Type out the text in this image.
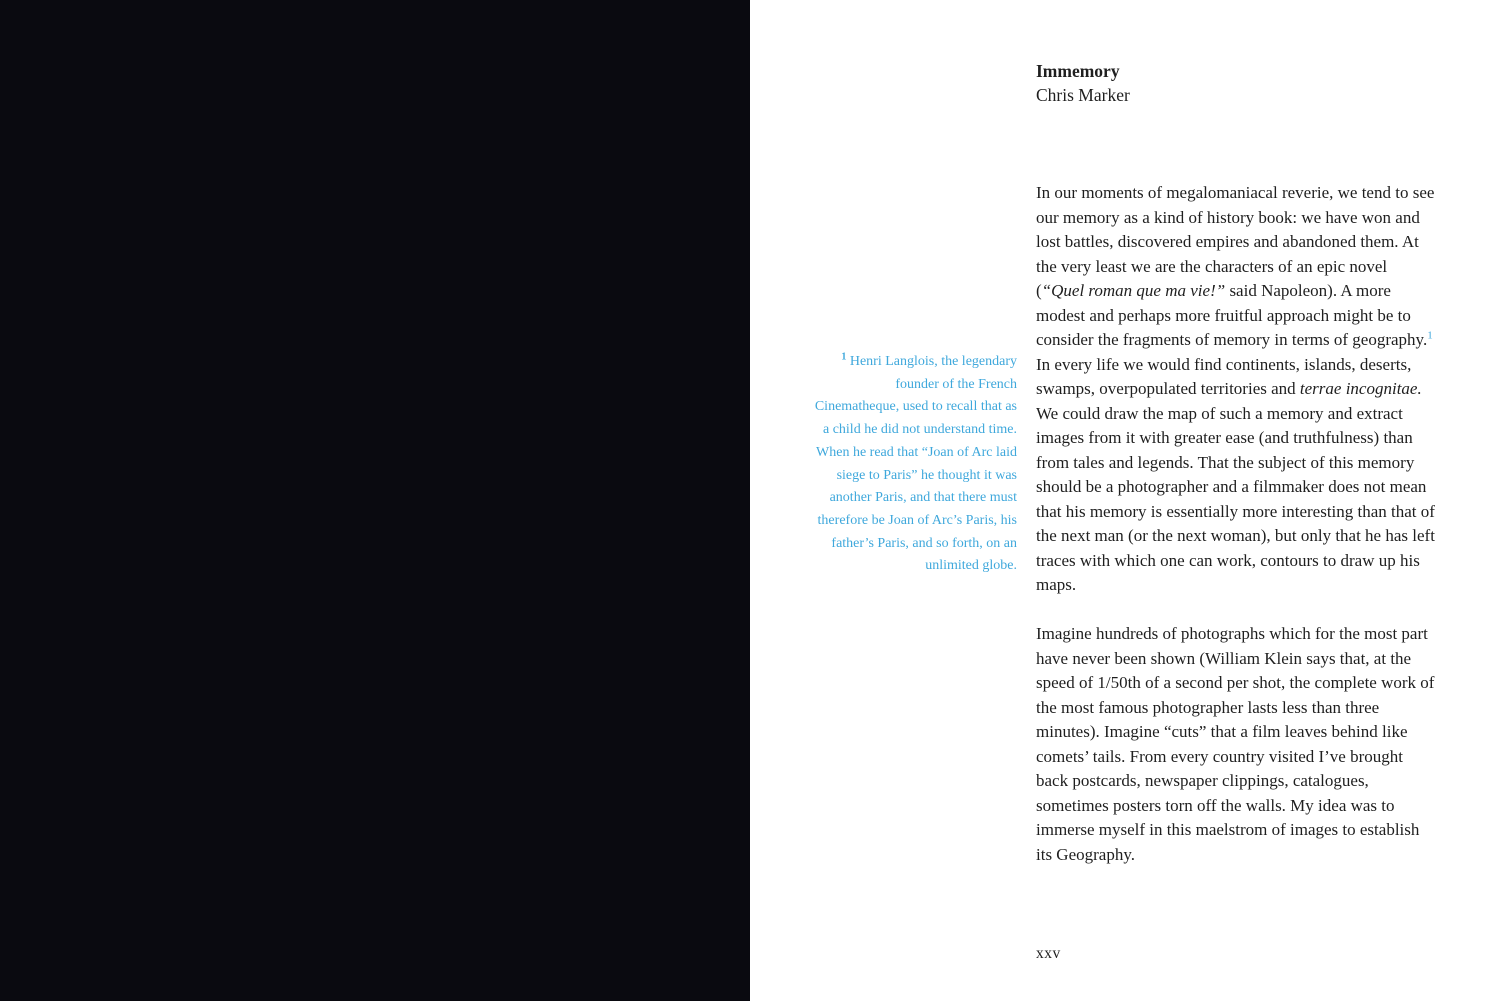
Immemory
Chris Marker
$^1$ Henri Langlois, the legendary founder of the French Cinematheque, used to recall that as a child he did not understand time. When he read that “Joan of Arc laid siege to Paris” he thought it was another Paris, and that there must therefore be Joan of Arc’s Paris, his father’s Paris, and so forth, on an unlimited globe.

In our moments of megalomaniacal reverie, we tend to see our memory as a kind of history book: we have won and lost battles, discovered empires and abandoned them. At the very least we are the characters of an epic novel (“Quel roman que ma vie!” said Napoleon). A more modest and perhaps more fruitful approach might be to consider the fragments of memory in terms of geography.$^1$ In every life we would find continents, islands, deserts, swamps, overpopulated territories and terrae incognitae. We could draw the map of such a memory and extract images from it with greater ease (and truthfulness) than from tales and legends. That the subject of this memory should be a photographer and a filmmaker does not mean that his memory is essentially more interesting than that of the next man (or the next woman), but only that he has left traces with which one can work, contours to draw up his maps.

Imagine hundreds of photographs which for the most part have never been shown (William Klein says that, at the speed of 1/50th of a second per shot, the complete work of the most famous photographer lasts less than three minutes). Imagine “cuts” that a film leaves behind like comets’ tails. From every country visited I’ve brought back postcards, newspaper clippings, catalogues, sometimes posters torn off the walls. My idea was to immerse myself in this maelstrom of images to establish its Geography.

xxv
